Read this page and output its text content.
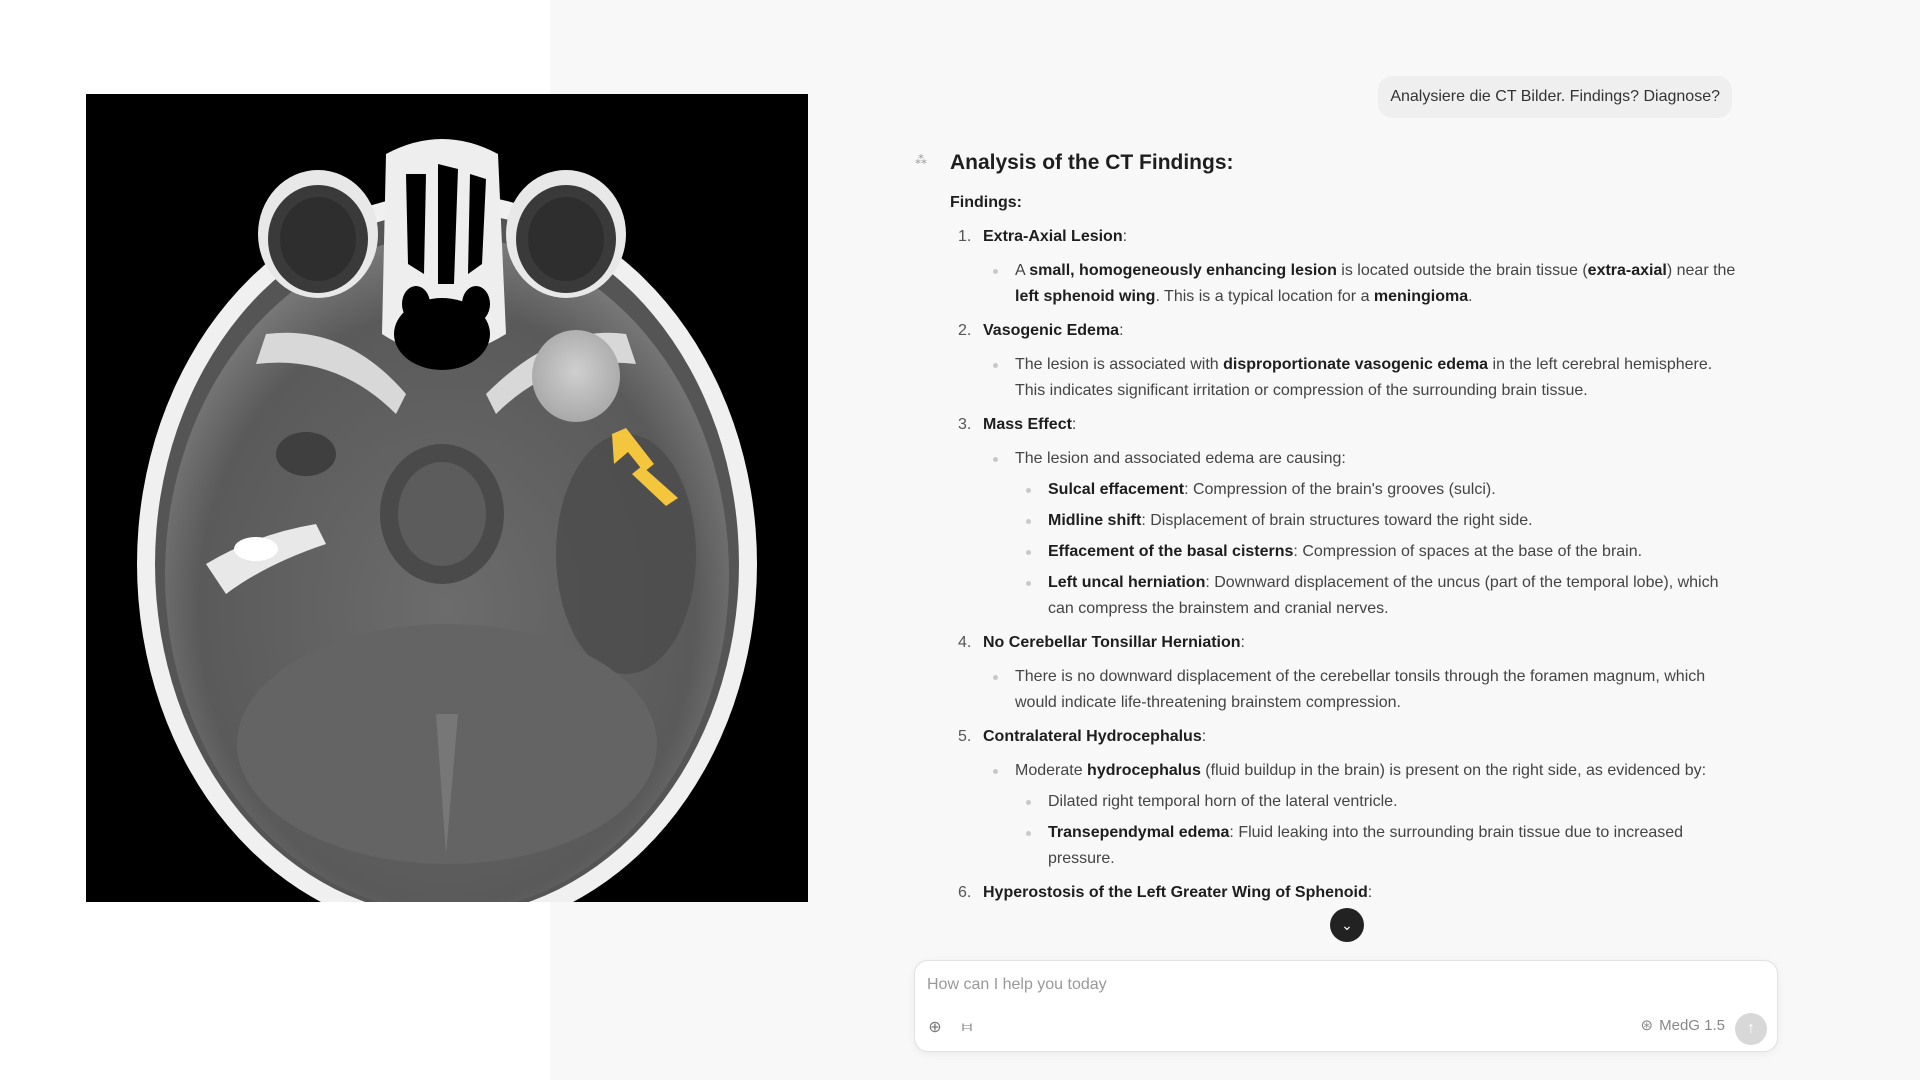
Analysiere die CT Bilder. Findings? Diagnose?
⁂ Analysis of the CT Findings:
Findings:
1. Extra-Axial Lesion:
A small, homogeneously enhancing lesion is located outside the brain tissue (extra-axial) near the left sphenoid wing. This is a typical location for a meningioma.
2. Vasogenic Edema:
The lesion is associated with disproportionate vasogenic edema in the left cerebral hemisphere. This indicates significant irritation or compression of the surrounding brain tissue.
3. Mass Effect:
The lesion and associated edema are causing:
Sulcal effacement: Compression of the brain's grooves (sulci).
Midline shift: Displacement of brain structures toward the right side.
Effacement of the basal cisterns: Compression of spaces at the base of the brain.
Left uncal herniation: Downward displacement of the uncus (part of the temporal lobe), which can compress the brainstem and cranial nerves.
4. No Cerebellar Tonsillar Herniation:
There is no downward displacement of the cerebellar tonsils through the foramen magnum, which would indicate life-threatening brainstem compression.
5. Contralateral Hydrocephalus:
Moderate hydrocephalus (fluid buildup in the brain) is present on the right side, as evidenced by:
Dilated right temporal horn of the lateral ventricle.
Transependymal edema: Fluid leaking into the surrounding brain tissue due to increased pressure.
6. Hyperostosis of the Left Greater Wing of Sphenoid:
⌄
How can I help you today
⊕ ⧦	⊛ MedG 1.5 ↑
